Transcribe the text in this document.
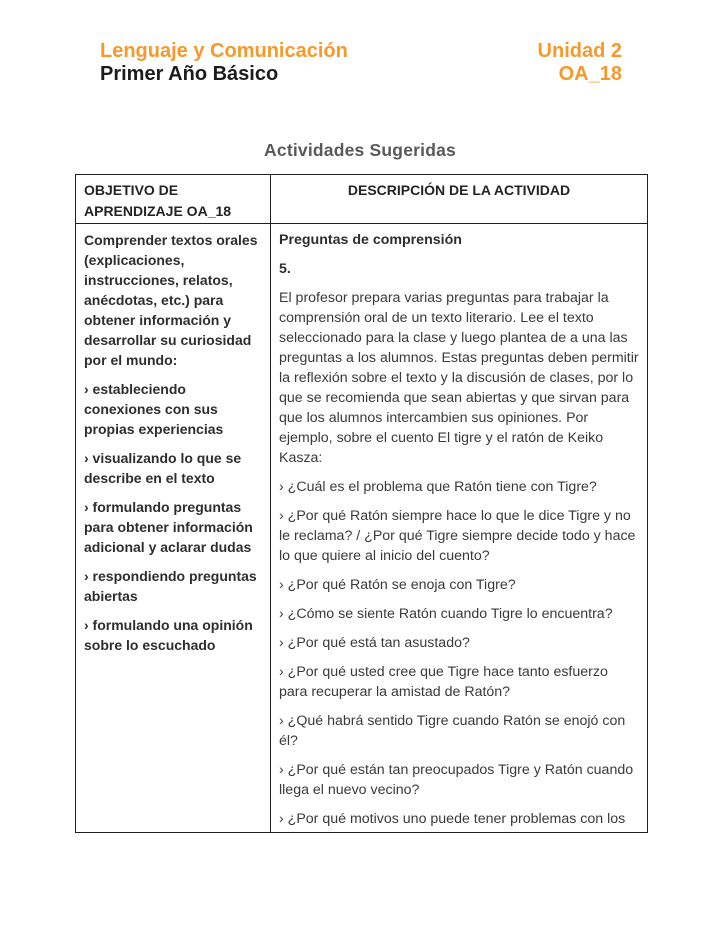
Lenguaje y Comunicación
Primer Año Básico
Unidad 2
OA_18
Actividades Sugeridas
OBJETIVO DE APRENDIZAJE OA_18
DESCRIPCIÓN DE LA ACTIVIDAD

Comprender textos orales (explicaciones, instrucciones, relatos, anécdotas, etc.) para obtener información y desarrollar su curiosidad por el mundo:

› estableciendo conexiones con sus propias experiencias

› visualizando lo que se describe en el texto

› formulando preguntas para obtener información adicional y aclarar dudas

› respondiendo preguntas abiertas

› formulando una opinión sobre lo escuchado

Preguntas de comprensión

5.

El profesor prepara varias preguntas para trabajar la comprensión oral de un texto literario. Lee el texto seleccionado para la clase y luego plantea de a una las preguntas a los alumnos. Estas preguntas deben permitir la reflexión sobre el texto y la discusión de clases, por lo que se recomienda que sean abiertas y que sirvan para que los alumnos intercambien sus opiniones. Por ejemplo, sobre el cuento El tigre y el ratón de Keiko Kasza:

› ¿Cuál es el problema que Ratón tiene con Tigre?

› ¿Por qué Ratón siempre hace lo que le dice Tigre y no le reclama? / ¿Por qué Tigre siempre decide todo y hace lo que quiere al inicio del cuento?

› ¿Por qué Ratón se enoja con Tigre?

› ¿Cómo se siente Ratón cuando Tigre lo encuentra?

› ¿Por qué está tan asustado?

› ¿Por qué usted cree que Tigre hace tanto esfuerzo para recuperar la amistad de Ratón?

› ¿Qué habrá sentido Tigre cuando Ratón se enojó con él?

› ¿Por qué están tan preocupados Tigre y Ratón cuando llega el nuevo vecino?

› ¿Por qué motivos uno puede tener problemas con los
